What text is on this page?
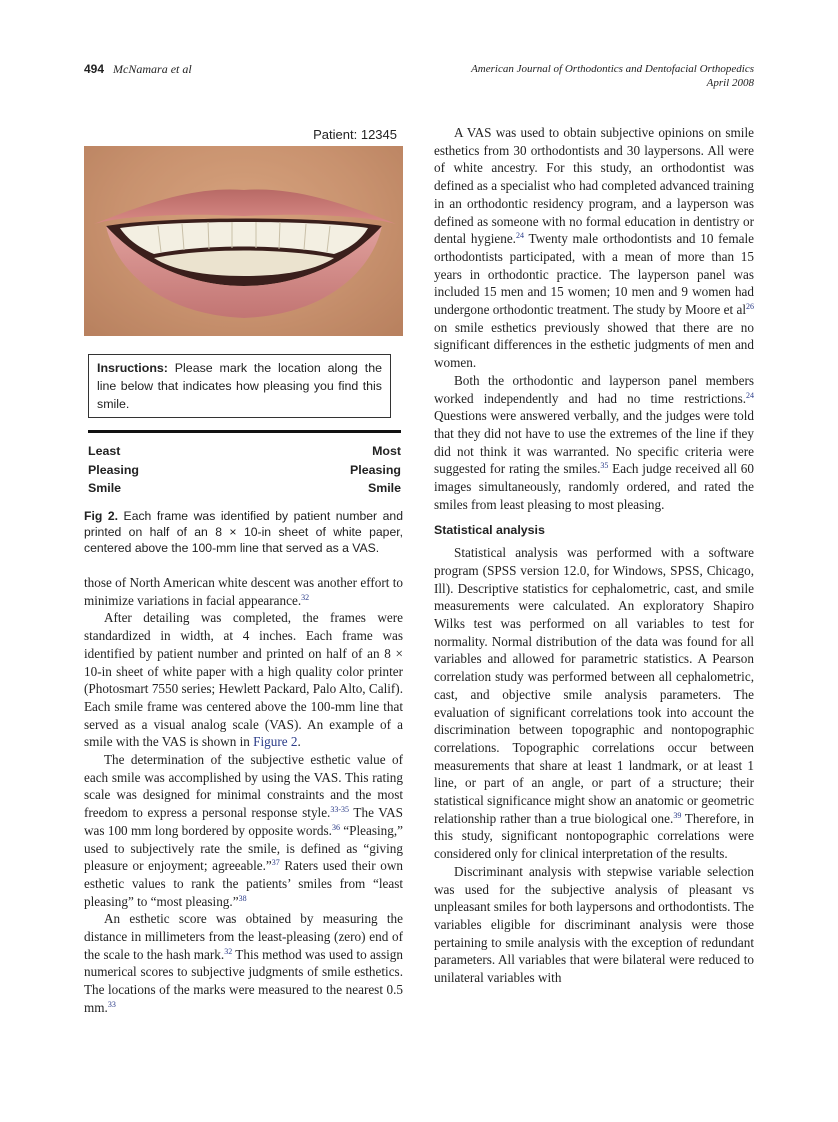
494 McNamara et al	American Journal of Orthodontics and Dentofacial Orthopedics
April 2008
Patient: 12345
Insructions: Please mark the location along the line below that indicates how pleasing you find this smile.
Least
Pleasing
Smile
Most
Pleasing
Smile
Fig 2. Each frame was identified by patient number and printed on half of an 8 × 10-in sheet of white paper, centered above the 100-mm line that served as a VAS.

those of North American white descent was another effort to minimize variations in facial appearance.$^{32}$

After detailing was completed, the frames were standardized in width, at 4 inches. Each frame was identified by patient number and printed on half of an 8 × 10-in sheet of white paper with a high quality color printer (Photosmart 7550 series; Hewlett Packard, Palo Alto, Calif). Each smile frame was centered above the 100-mm line that served as a visual analog scale (VAS). An example of a smile with the VAS is shown in Figure 2.

The determination of the subjective esthetic value of each smile was accomplished by using the VAS. This rating scale was designed for minimal constraints and the most freedom to express a personal response style.$^{33-35}$ The VAS was 100 mm long bordered by opposite words.$^{36}$ “Pleasing,” used to subjectively rate the smile, is defined as “giving pleasure or enjoyment; agreeable.”$^{37}$ Raters used their own esthetic values to rank the patients’ smiles from “least pleasing” to “most pleasing.”$^{38}$

An esthetic score was obtained by measuring the distance in millimeters from the least-pleasing (zero) end of the scale to the hash mark.$^{32}$ This method was used to assign numerical scores to subjective judgments of smile esthetics. The locations of the marks were measured to the nearest 0.5 mm.$^{33}$

A VAS was used to obtain subjective opinions on smile esthetics from 30 orthodontists and 30 laypersons. All were of white ancestry. For this study, an orthodontist was defined as a specialist who had completed advanced training in an orthodontic residency program, and a layperson was defined as someone with no formal education in dentistry or dental hygiene.$^{24}$ Twenty male orthodontists and 10 female orthodontists participated, with a mean of more than 15 years in orthodontic practice. The layperson panel was included 15 men and 15 women; 10 men and 9 women had undergone orthodontic treatment. The study by Moore et al$^{26}$ on smile esthetics previously showed that there are no significant differences in the esthetic judgments of men and women.

Both the orthodontic and layperson panel members worked independently and had no time restrictions.$^{24}$ Questions were answered verbally, and the judges were told that they did not have to use the extremes of the line if they did not think it was warranted. No specific criteria were suggested for rating the smiles.$^{35}$ Each judge received all 60 images simultaneously, randomly ordered, and rated the smiles from least pleasing to most pleasing.

Statistical analysis

Statistical analysis was performed with a software program (SPSS version 12.0, for Windows, SPSS, Chicago, Ill). Descriptive statistics for cephalometric, cast, and smile measurements were calculated. An exploratory Shapiro Wilks test was performed on all variables to test for normality. Normal distribution of the data was found for all variables and allowed for parametric statistics. A Pearson correlation study was performed between all cephalometric, cast, and objective smile analysis parameters. The evaluation of significant correlations took into account the discrimination between topographic and nontopographic correlations. Topographic correlations occur between measurements that share at least 1 landmark, or at least 1 line, or part of an angle, or part of a structure; their statistical significance might show an anatomic or geometric relationship rather than a true biological one.$^{39}$ Therefore, in this study, significant nontopographic correlations were considered only for clinical interpretation of the results.

Discriminant analysis with stepwise variable selection was used for the subjective analysis of pleasant vs unpleasant smiles for both laypersons and orthodontists. The variables eligible for discriminant analysis were those pertaining to smile analysis with the exception of redundant parameters. All variables that were bilateral were reduced to unilateral variables with
